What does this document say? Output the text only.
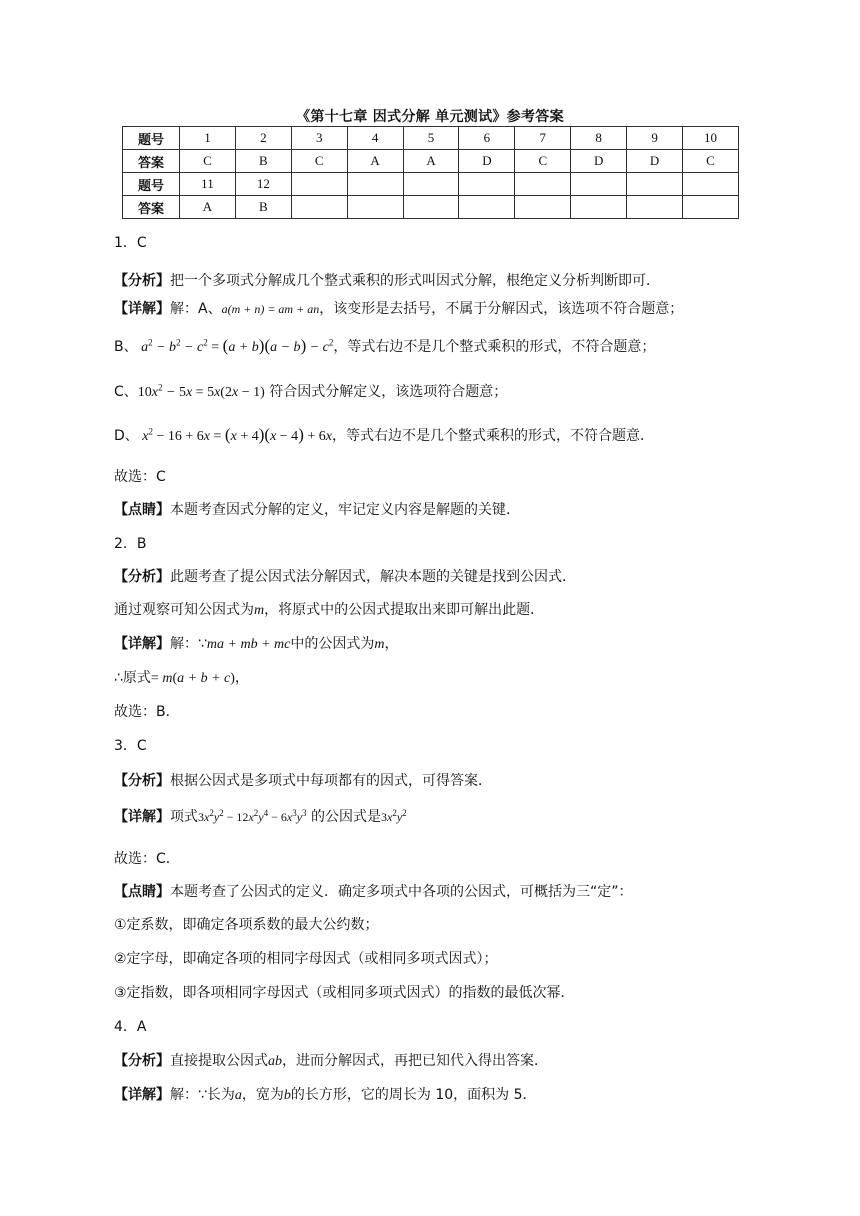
《第十七章 因式分解 单元测试》参考答案
题号	1	2	3	4	5	6	7	8	9	10
答案	C	B	C	A	A	D	C	D	D	C
题号	11	12								
答案	A	B								
1．C
【分析】把一个多项式分解成几个整式乘积的形式叫因式分解，根绝定义分析判断即可．
【详解】解：A、a(m + n) = am + an，该变形是去括号，不属于分解因式，该选项不符合题意；
B、 $a^2 - b^2 - c^2 = (a + b)(a - b) - c^2$，等式右边不是几个整式乘积的形式，不符合题意；
C、$10x^2 - 5x = 5x(2x - 1)$ 符合因式分解定义，该选项符合题意；
D、 $x^2 - 16 + 6x = (x + 4)(x - 4) + 6x$，等式右边不是几个整式乘积的形式，不符合题意．
故选：C
【点睛】本题考查因式分解的定义，牢记定义内容是解题的关键．
2．B
【分析】此题考查了提公因式法分解因式，解决本题的关键是找到公因式．
通过观察可知公因式为m，将原式中的公因式提取出来即可解出此题．
【详解】解：∵ma + mb + mc中的公因式为m，
∴原式= m(a + b + c)，
故选：B．
3．C
【分析】根据公因式是多项式中每项都有的因式，可得答案．
【详解】项式$3x^2y^2 - 12x^2y^4 - 6x^3y^3$ 的公因式是$3x^2y^2$
故选：C．
【点睛】本题考查了公因式的定义．确定多项式中各项的公因式，可概括为三“定”：
①定系数，即确定各项系数的最大公约数；
②定字母，即确定各项的相同字母因式（或相同多项式因式）；
③定指数，即各项相同字母因式（或相同多项式因式）的指数的最低次幂．
4．A
【分析】直接提取公因式ab，进而分解因式，再把已知代入得出答案．
【详解】解：∵长为a，宽为b的长方形，它的周长为 10，面积为 5．
